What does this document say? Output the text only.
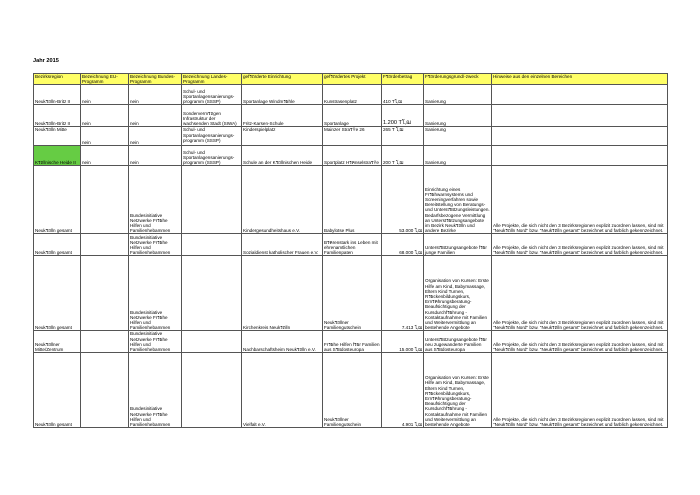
Jahr 2015
Bezirksregion	Bezeichnung EU-Programm	Bezeichnung Bundes-Programm	Bezeichnung Landes-Programm	gefรถrderte Einrichtung	gefรถrdertes Projekt	Fรถrderbetrag	Fรถrderungsgrund/-zweck	Hinweise aus den einzelnen Bereichen
Neukรถlln-Britz II	nein	nein	Schul- und Sportanlagensanierungs-programm (SSSP)	Sportanlage Windmรผhle	Kunstrasenplatz	410 Tโ‚ฌ	Sanierung	
Neukรถlln-Britz II	nein	nein	Sondervermรถgen Infrastruktur der wachsenden Stadt (SIWA)	Fritz-Karsen-Schule	Sportanlage	1.200 Tโ‚ฌ	Sanierung	
Neukรถlln Mitte	nein	nein	Schul- und Sportanlagensanierungs-programm (SSSP)	Kinderspielplatz	Mainzer StraรŸe 26	265 T โ‚ฌ	Sanierung	
Kรถllnische Heide II	nein	nein	Schul- und Sportanlagensanierungs-programm (SSSP)	Schule an der Kรถllnischen Heide	Sportplatz HรคnselstraรŸe	200 T โ‚ฌ	Sanierung	
Neukรถlln gesamt		Bundesinitiative Netzwerke Frรผhe Hilfen und Familienhebammen		Kindergesundheitshaus e.V.	Babylotse Plus	53.000 โ‚ฌ	Einrichtung eines Frรผhwarnsystems und Screeningverfahren sowie Bereitstellung von Beratungs- und Unterstรผtzungsleistungen. Bedarfsbezogene Vermittlung an Unterstรผtzungsangebote im Bezirk Neukรถlln und andere Bezirke	Alle Projekte, die sich nicht den 3 Bezirksregionen explizit zuordnen lassen, sind mit "Neukรถlln Nord" bzw. "Neukรถlln gesamt" bezeichnet und farblich gekennzeichnet.
Neukรถlln gesamt		Bundesinitiative Netzwerke Frรผhe Hilfen und Familienhebammen		Sozialdienst katholischer Frauen e.V.	Bรคrenstark ins Leben mit ehrenamtlichen Familienpaten	68.000 โ‚ฌ	Unterstรผtzungsangebote fรผr junge Familien	Alle Projekte, die sich nicht den 3 Bezirksregionen explizit zuordnen lassen, sind mit "Neukรถlln Nord" bzw. "Neukรถlln gesamt" bezeichnet und farblich gekennzeichnet.
Neukรถlln gesamt		Bundesinitiative Netzwerke Frรผhe Hilfen und Familienhebammen		Kirchenkreis Neukรถlln	Neukรถllner Familiengutschein	7.413 โ‚ฌ	Organisation von Kursen: Erste Hilfe am Kind, Babymassage, Eltern Kind Turnen, Rรผckenbildungskurs, Ernรคhrungsberatung- Beaufsichtigung der Kursdurchfรผhrung - Kontaktaufnahme mit Familien und Weitervermittlung an bestehende Angebote	Alle Projekte, die sich nicht den 3 Bezirksregionen explizit zuordnen lassen, sind mit "Neukรถlln Nord" bzw. "Neukรถlln gesamt" bezeichnet und farblich gekennzeichnet.
Neukรถllner Mitte/Zentrum		Bundesinitiative Netzwerke Frรผhe Hilfen und Familienhebammen		Nachbarschaftsheim Neukรถlln e.V.	Frรผhe Hilfen fรผr Familien aus Sรผdosteuropa	15.000 โ‚ฌ	Unterstรผtzungsangebote fรผr neu zugewanderte Familien aus Sรผdosteuropa	Alle Projekte, die sich nicht den 3 Bezirksregionen explizit zuordnen lassen, sind mit "Neukรถlln Nord" bzw. "Neukรถlln gesamt" bezeichnet und farblich gekennzeichnet.
Neukรถlln gesamt		Bundesinitiative Netzwerke Frรผhe Hilfen und Familienhebammen		Vielfalt e.V.	Neukรถllner Familiengutschein	4.901 โ‚ฌ	Organisation von Kursen: Erste Hilfe am Kind, Babymassage, Eltern Kind Turnen, Rรผckenbildungskurs, Ernรคhrungsberatung- Beaufsichtigung der Kursdurchfรผhrung - Kontaktaufnahme mit Familien und Weitervermittlung an bestehende Angebote	Alle Projekte, die sich nicht den 3 Bezirksregionen explizit zuordnen lassen, sind mit "Neukรถlln Nord" bzw. "Neukรถlln gesamt" bezeichnet und farblich gekennzeichnet.
